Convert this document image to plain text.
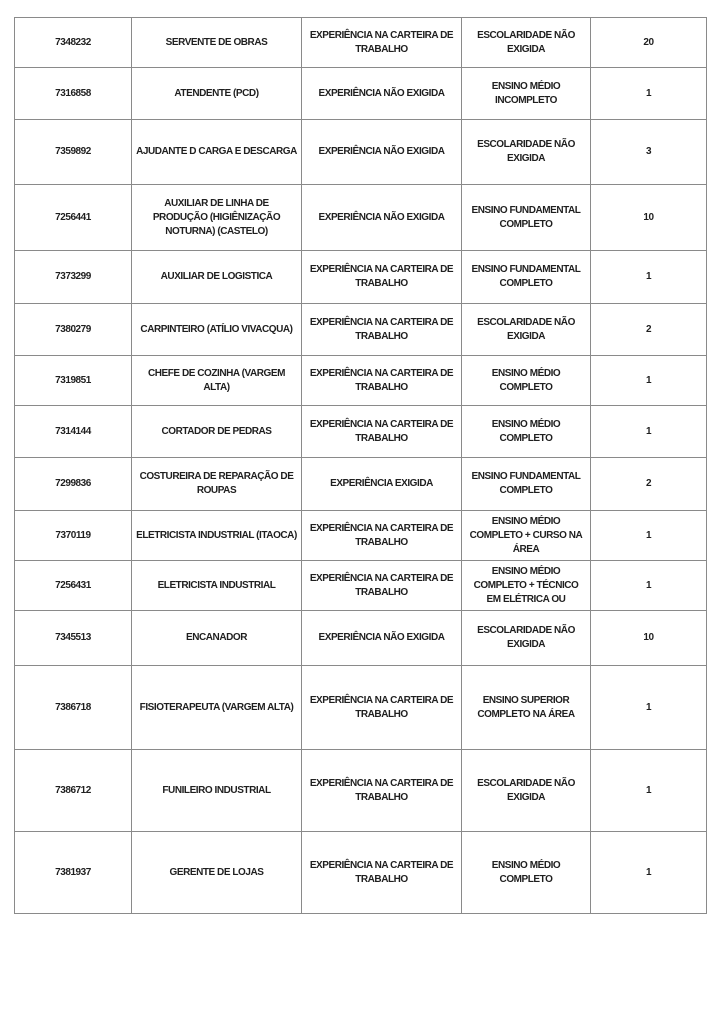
7348232	SERVENTE DE OBRAS	EXPERIÊNCIA NA CARTEIRA DE TRABALHO	ESCOLARIDADE NÃO EXIGIDA	20
7316858	ATENDENTE (PCD)	EXPERIÊNCIA NÃO EXIGIDA	ENSINO MÉDIO INCOMPLETO	1
7359892	AJUDANTE D CARGA E DESCARGA	EXPERIÊNCIA NÃO EXIGIDA	ESCOLARIDADE NÃO EXIGIDA	3
7256441	AUXILIAR DE LINHA DE PRODUÇÃO (HIGIÊNIZAÇÃO NOTURNA) (CASTELO)	EXPERIÊNCIA NÃO EXIGIDA	ENSINO FUNDAMENTAL COMPLETO	10
7373299	AUXILIAR DE LOGISTICA	EXPERIÊNCIA NA CARTEIRA DE TRABALHO	ENSINO FUNDAMENTAL COMPLETO	1
7380279	CARPINTEIRO (ATÍLIO VIVACQUA)	EXPERIÊNCIA NA CARTEIRA DE TRABALHO	ESCOLARIDADE NÃO EXIGIDA	2
7319851	CHEFE DE COZINHA (VARGEM ALTA)	EXPERIÊNCIA NA CARTEIRA DE TRABALHO	ENSINO MÉDIO COMPLETO	1
7314144	CORTADOR DE PEDRAS	EXPERIÊNCIA NA CARTEIRA DE TRABALHO	ENSINO MÉDIO COMPLETO	1
7299836	COSTUREIRA DE REPARAÇÃO DE ROUPAS	EXPERIÊNCIA EXIGIDA	ENSINO FUNDAMENTAL COMPLETO	2
7370119	ELETRICISTA INDUSTRIAL (ITAOCA)	EXPERIÊNCIA NA CARTEIRA DE TRABALHO	ENSINO MÉDIO COMPLETO + CURSO NA ÁREA	1
7256431	ELETRICISTA INDUSTRIAL	EXPERIÊNCIA NA CARTEIRA DE TRABALHO	ENSINO MÉDIO COMPLETO + TÉCNICO EM ELÉTRICA OU	1
7345513	ENCANADOR	EXPERIÊNCIA NÃO EXIGIDA	ESCOLARIDADE NÃO EXIGIDA	10
7386718	FISIOTERAPEUTA (VARGEM ALTA)	EXPERIÊNCIA NA CARTEIRA DE TRABALHO	ENSINO SUPERIOR COMPLETO NA ÁREA	1
7386712	FUNILEIRO INDUSTRIAL	EXPERIÊNCIA NA CARTEIRA DE TRABALHO	ESCOLARIDADE NÃO EXIGIDA	1
7381937	GERENTE DE LOJAS	EXPERIÊNCIA NA CARTEIRA DE TRABALHO	ENSINO MÉDIO COMPLETO	1
